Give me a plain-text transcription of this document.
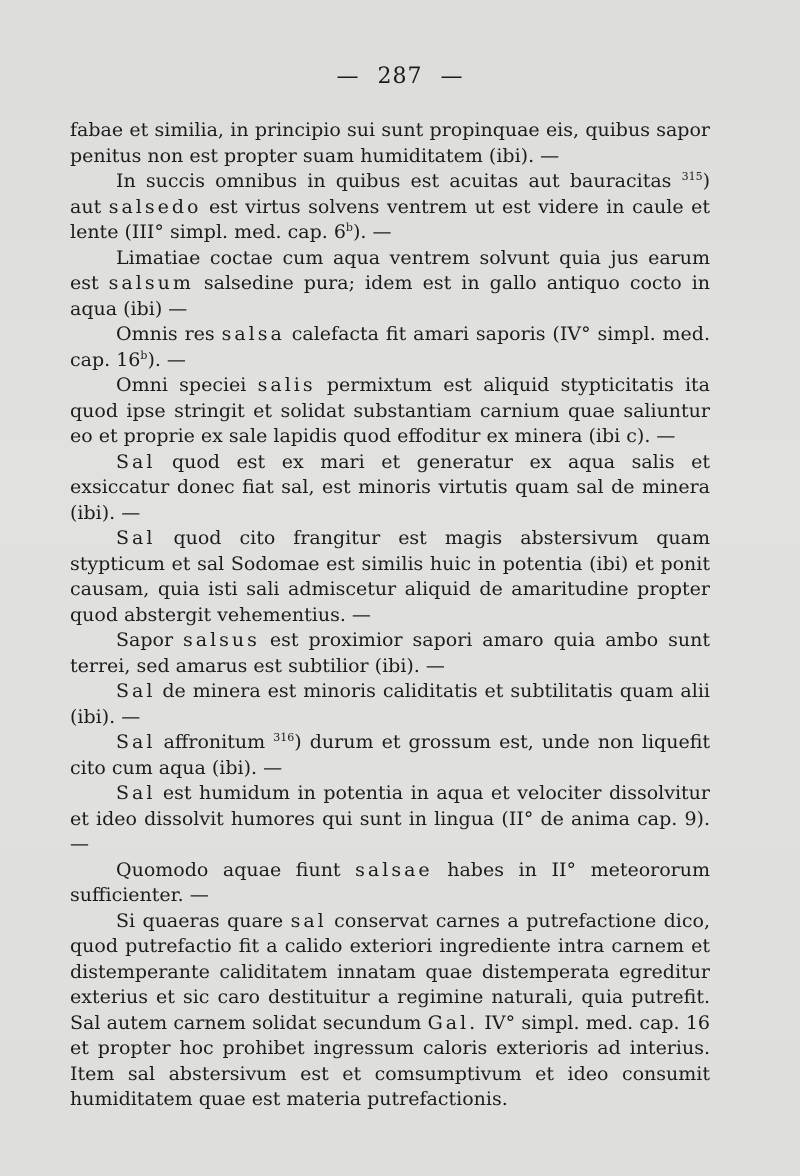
— 287 —

fabae et similia, in principio sui sunt propinquae eis, quibus sapor penitus non est propter suam humiditatem (ibi). —

In succis omnibus in quibus est acuitas aut bauracitas $^{315}$) aut salsedo est virtus solvens ventrem ut est videre in caule et lente (III° simpl. med. cap. 6$^b$). —

Limatiae coctae cum aqua ventrem solvunt quia jus earum est salsum salsedine pura; idem est in gallo antiquo cocto in aqua (ibi) —

Omnis res salsa calefacta fit amari saporis (IV° simpl. med. cap. 16$^b$). —

Omni speciei salis permixtum est aliquid stypticitatis ita quod ipse stringit et solidat substantiam carnium quae saliuntur eo et proprie ex sale lapidis quod effoditur ex minera (ibi c). —

Sal quod est ex mari et generatur ex aqua salis et exsiccatur donec fiat sal, est minoris virtutis quam sal de minera (ibi). —

Sal quod cito frangitur est magis abstersivum quam stypticum et sal Sodomae est similis huic in potentia (ibi) et ponit causam, quia isti sali admiscetur aliquid de amaritudine propter quod abstergit vehementius. —

Sapor salsus est proximior sapori amaro quia ambo sunt terrei, sed amarus est subtilior (ibi). —

Sal de minera est minoris caliditatis et subtilitatis quam alii (ibi). —

Sal affronitum $^{316}$) durum et grossum est, unde non liquefit cito cum aqua (ibi). —

Sal est humidum in potentia in aqua et velociter dissolvitur et ideo dissolvit humores qui sunt in lingua (II° de anima cap. 9). —

Quomodo aquae fiunt salsae habes in II° meteororum sufficienter. —

Si quaeras quare sal conservat carnes a putrefactione dico, quod putrefactio fit a calido exteriori ingrediente intra carnem et distemperante caliditatem innatam quae distemperata egreditur exterius et sic caro destituitur a regimine naturali, quia putrefit. Sal autem carnem solidat secundum Gal. IV° simpl. med. cap. 16 et propter hoc prohibet ingressum caloris exterioris ad interius. Item sal abstersivum est et comsumptivum et ideo consumit humiditatem quae est materia putrefactionis.
